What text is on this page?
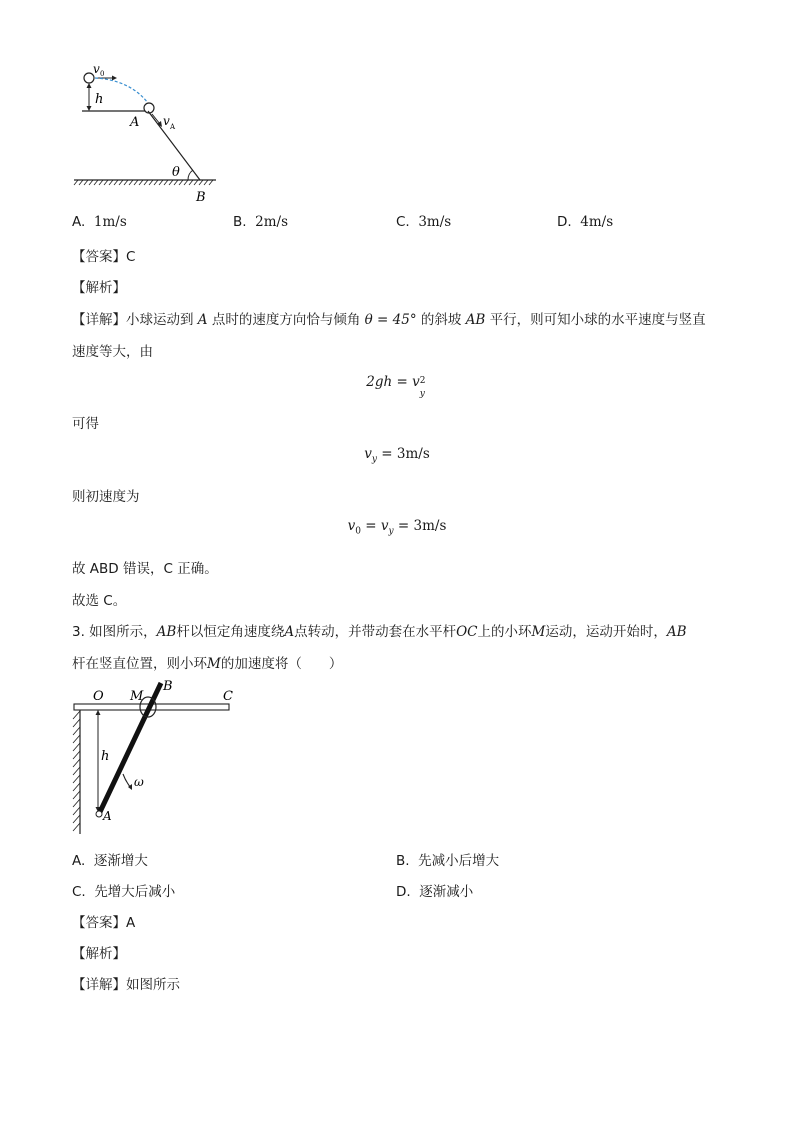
v 0
h
v A
A
θ
B
A. 1m/s	B. 2m/s	C. 3m/s	D. 4m/s
【答案】C
【解析】
【详解】小球运动到 A 点时的速度方向恰与倾角 θ = 45° 的斜坡 AB 平行，则可知小球的水平速度与竖直
速度等大，由
2gh = v 2
y
可得
$v_y = 3m/s$
则初速度为
$v_0 = v_y = 3m/s$
故 ABD 错误，C 正确。
故选 C。
3. 如图所示，AB杆以恒定角速度绕A点转动，并带动套在水平杆OC上的小环M运动，运动开始时，AB
杆在竖直位置，则小环M的加速度将（　　）
h
ω
O M
B
C
A
A. 逐渐增大	B. 先减小后增大
C. 先增大后减小	D. 逐渐减小
【答案】A
【解析】
【详解】如图所示
